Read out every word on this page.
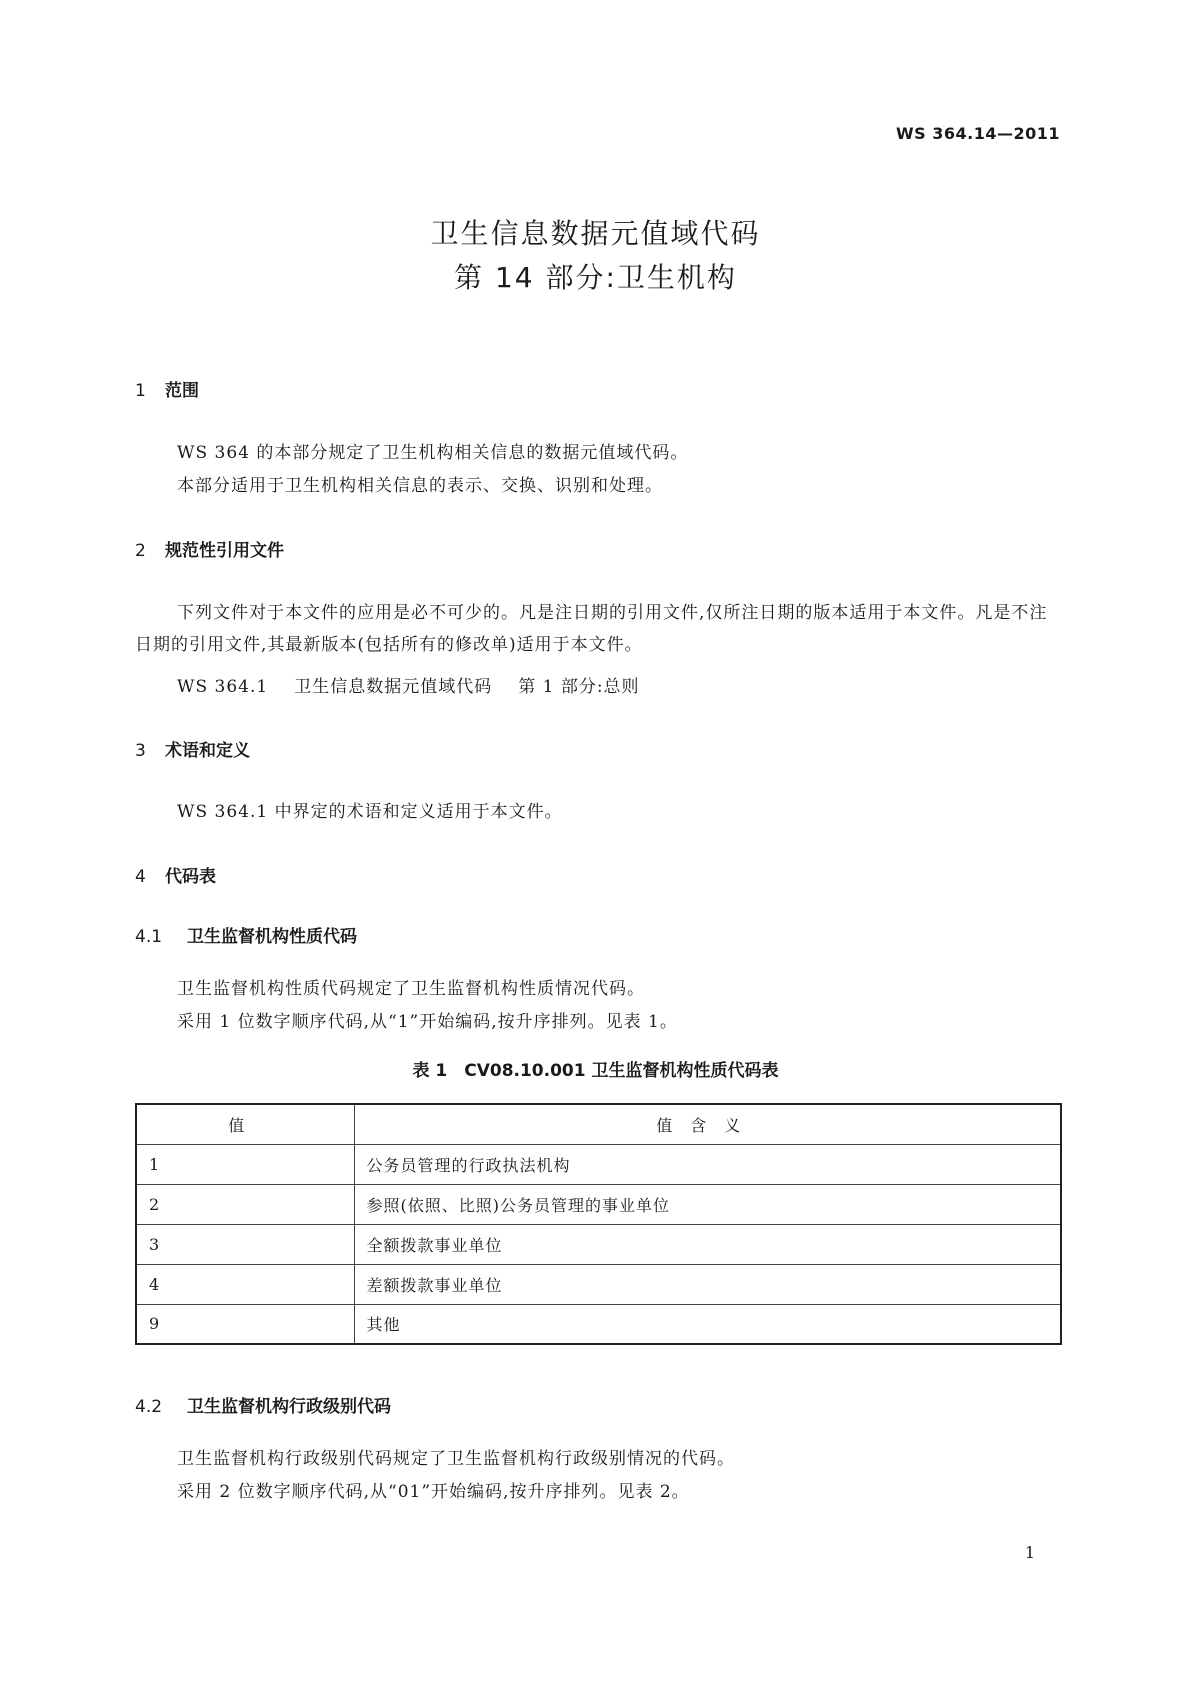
WS 364.14—2011
卫生信息数据元值域代码
第 14 部分:卫生机构
1 范围
WS 364 的本部分规定了卫生机构相关信息的数据元值域代码。
本部分适用于卫生机构相关信息的表示、交换、识别和处理。
2 规范性引用文件
下列文件对于本文件的应用是必不可少的。凡是注日期的引用文件,仅所注日期的版本适用于本文件。凡是不注日期的引用文件,其最新版本(包括所有的修改单)适用于本文件。
WS 364.1 卫生信息数据元值域代码 第 1 部分:总则
3 术语和定义
WS 364.1 中界定的术语和定义适用于本文件。
4 代码表
4.1 卫生监督机构性质代码
卫生监督机构性质代码规定了卫生监督机构性质情况代码。
采用 1 位数字顺序代码,从“1”开始编码,按升序排列。见表 1。
表 1　CV08.10.001 卫生监督机构性质代码表
值	值含义
1	公务员管理的行政执法机构
2	参照(依照、比照)公务员管理的事业单位
3	全额拨款事业单位
4	差额拨款事业单位
9	其他
4.2 卫生监督机构行政级别代码
卫生监督机构行政级别代码规定了卫生监督机构行政级别情况的代码。
采用 2 位数字顺序代码,从“01”开始编码,按升序排列。见表 2。
1
